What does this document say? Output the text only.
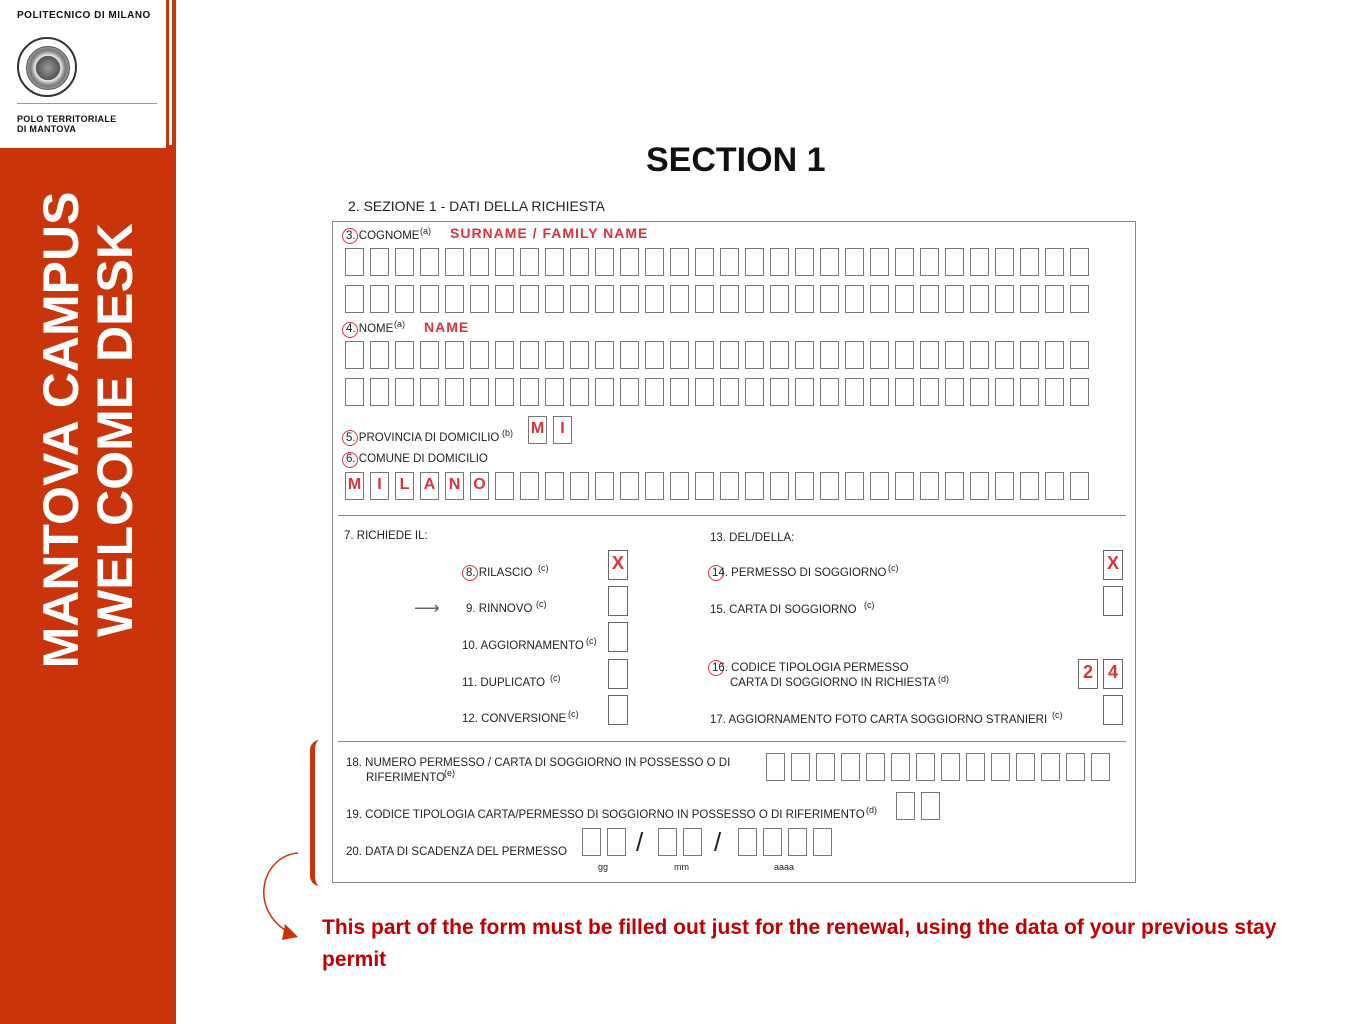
POLITECNICO DI MILANO
POLO TERRITORIALE
DI MANTOVA
MANTOVA CAMPUS
WELCOME DESK
SECTION 1
2. SEZIONE 1 - DATI DELLA RICHIESTA
3. COGNOME (a) SURNAME / FAMILY NAME
4. NOME (a) NAME
5. PROVINCIA DI DOMICILIO (b) M	I
6. COMUNE DI DOMICILIO
M	I	L A N O
7. RICHIEDE IL:	13. DEL/DELLA:
8. RILASCIO (c)	X
⟶ 9. RINNOVO (c)
10. AGGIORNAMENTO (c)
11. DUPLICATO (c)
12. CONVERSIONE (c)
14. PERMESSO DI SOGGIORNO (c)	X
15. CARTA DI SOGGIORNO (c)
16. CODICE TIPOLOGIA PERMESSO
CARTA DI SOGGIORNO IN RICHIESTA (d)	2 4
17. AGGIORNAMENTO FOTO CARTA SOGGIORNO STRANIERI (c)
18. NUMERO PERMESSO / CARTA DI SOGGIORNO IN POSSESSO O DI
RIFERIMENTO
(e)
19. CODICE TIPOLOGIA CARTA/PERMESSO DI SOGGIORNO IN POSSESSO O DI RIFERIMENTO (d)
20. DATA DI SCADENZA DEL PERMESSO	/	/
gg	mm	aaaa
This part of the form must be filled out just for the renewal, using the data of your previous stay permit
